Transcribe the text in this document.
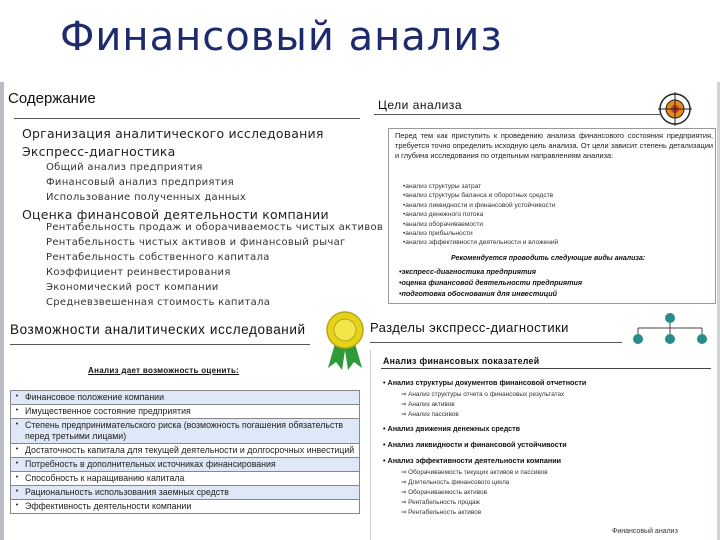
Финансовый анализ
Содержание
Организация аналитического исследования
Экспресс-диагностика
Общий анализ предприятия
Финансовый анализ предприятия
Использование полученных данных
Оценка финансовой деятельности компании
Рентабельность продаж и оборачиваемость чистых активов
Рентабельность чистых активов и финансовый рычаг
Рентабельность собственного капитала
Коэффициент реинвестирования
Экономический рост компании
Средневзвешенная стоимость капитала
Цели анализа

Перед тем как приступить к проведению анализа финансового состояния предприятия, требуется точно определить исходную цель анализа. От цели зависит степень детализации и глубина исследования по отдельным направлениям анализа:

•анализ структуры затрат
•анализ структуры баланса и оборотных средств
•анализ ликвидности и финансовой устойчивости
•анализ денежного потока
•анализ оборачиваемости
•анализ прибыльности
•анализ эффективности деятельности и вложений
Рекомендуется проводить следующие виды анализа:
•экспресс-диагностика предприятия
•оценка финансовой деятельности предприятия
•подготовка обоснования для инвестиций
Возможности аналитических исследований
Анализ дает возможность оценить:
• Финансовое положение компании
• Имущественное состояние предприятия
• Степень предпринимательского риска (возможность погашения обязательств перед третьими лицами)
• Достаточность капитала для текущей деятельности и долгосрочных инвестиций
• Потребность в дополнительных источниках финансирования
• Способность к наращиванию капитала
• Рациональность использования заемных средств
• Эффективность деятельности компании
Разделы экспресс-диагностики
Анализ финансовых показателей
• Анализ структуры документов финансовой отчетности
⇒ Анализ структуры отчета о финансовых результатах
⇒ Анализ активов
⇒ Анализ пассивов
• Анализ движения денежных средств
• Анализ ликвидности и финансовой устойчивости
• Анализ эффективности деятельности компании
⇒ Оборачиваемость текущих активов и пассивов
⇒ Длительность финансового цикла
⇒ Оборачиваемость активов
⇒ Рентабельность продаж
⇒ Рентабельность активов
Финансовый анализ
